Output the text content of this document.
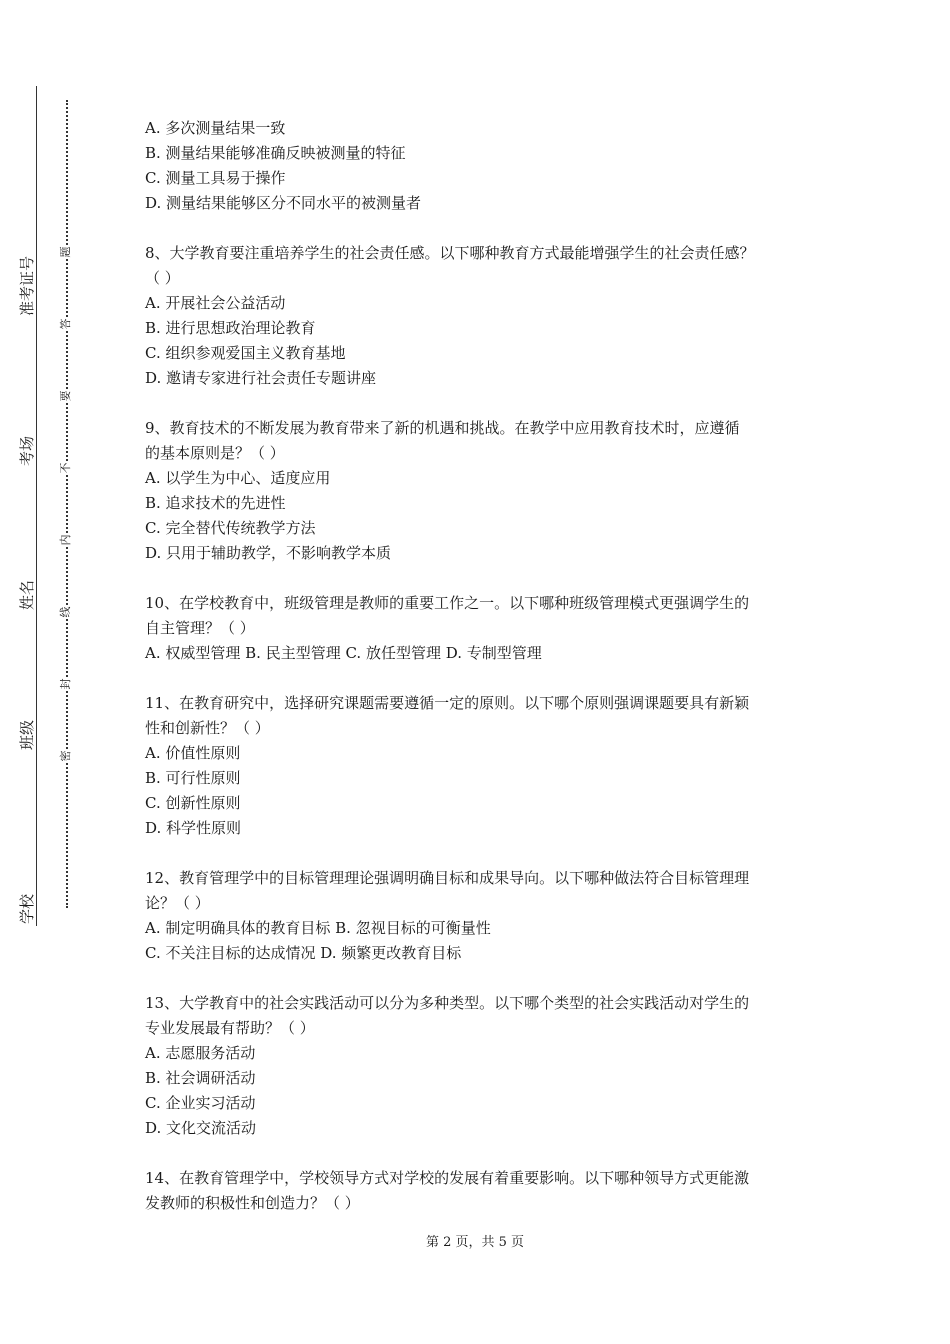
准考证号
考场
姓名
班级
学校
题
答
要
不
内
线
封
密
A. 多次测量结果一致
B. 测量结果能够准确反映被测量的特征
C. 测量工具易于操作
D. 测量结果能够区分不同水平的被测量者
8、大学教育要注重培养学生的社会责任感。以下哪种教育方式最能增强学生的社会责任感？
（ ）
A. 开展社会公益活动
B. 进行思想政治理论教育
C. 组织参观爱国主义教育基地
D. 邀请专家进行社会责任专题讲座
9、教育技术的不断发展为教育带来了新的机遇和挑战。在教学中应用教育技术时，应遵循
的基本原则是？（ ）
A. 以学生为中心、适度应用
B. 追求技术的先进性
C. 完全替代传统教学方法
D. 只用于辅助教学，不影响教学本质
10、在学校教育中，班级管理是教师的重要工作之一。以下哪种班级管理模式更强调学生的
自主管理？（ ）
A. 权威型管理 B. 民主型管理 C. 放任型管理 D. 专制型管理
11、在教育研究中，选择研究课题需要遵循一定的原则。以下哪个原则强调课题要具有新颖
性和创新性？（ ）
A. 价值性原则
B. 可行性原则
C. 创新性原则
D. 科学性原则
12、教育管理学中的目标管理理论强调明确目标和成果导向。以下哪种做法符合目标管理理
论？（ ）
A. 制定明确具体的教育目标 B. 忽视目标的可衡量性
C. 不关注目标的达成情况 D. 频繁更改教育目标
13、大学教育中的社会实践活动可以分为多种类型。以下哪个类型的社会实践活动对学生的
专业发展最有帮助？（ ）
A. 志愿服务活动
B. 社会调研活动
C. 企业实习活动
D. 文化交流活动
14、在教育管理学中，学校领导方式对学校的发展有着重要影响。以下哪种领导方式更能激
发教师的积极性和创造力？（ ）
第 2 页，共 5 页
